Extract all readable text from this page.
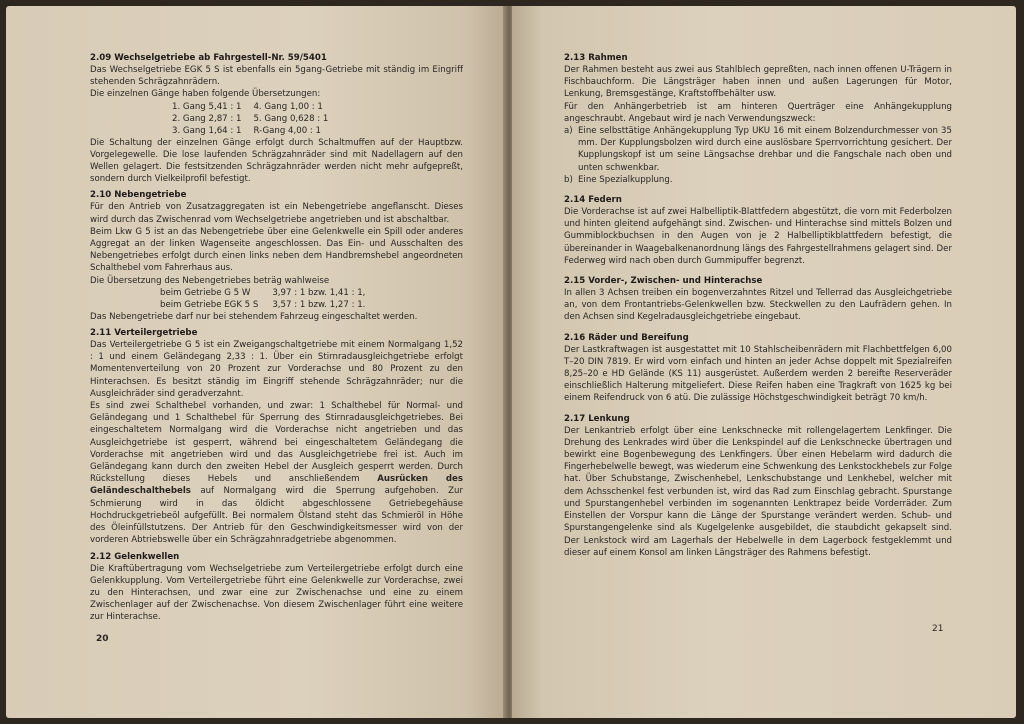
2.09 Wechselgetriebe ab Fahrgestell-Nr. 59/5401

Das Wechselgetriebe EGK 5 S ist ebenfalls ein 5gang-Getriebe mit ständig im Eingriff stehenden Schrägzahnrädern.

Die einzelnen Gänge haben folgende Übersetzungen:

1. Gang 5,41 : 1	4. Gang 1,00 : 1
2. Gang 2,87 : 1	5. Gang 0,628 : 1
3. Gang 1,64 : 1	R-Gang 4,00 : 1

Die Schaltung der einzelnen Gänge erfolgt durch Schaltmuffen auf der Hauptbzw. Vorgelegewelle. Die lose laufenden Schrägzahnräder sind mit Nadellagern auf den Wellen gelagert. Die festsitzenden Schrägzahnräder werden nicht mehr aufgepreßt, sondern durch Vielkeilprofil befestigt.

2.10 Nebengetriebe

Für den Antrieb von Zusatzaggregaten ist ein Nebengetriebe angeflanscht. Dieses wird durch das Zwischenrad vom Wechselgetriebe angetrieben und ist abschaltbar.

Beim Lkw G 5 ist an das Nebengetriebe über eine Gelenkwelle ein Spill oder anderes Aggregat an der linken Wagenseite angeschlossen. Das Ein- und Ausschalten des Nebengetriebes erfolgt durch einen links neben dem Handbremshebel angeordneten Schalthebel vom Fahrerhaus aus.

Die Übersetzung des Nebengetriebes beträg wahlweise

beim Getriebe G 5 W	3,97 : 1 bzw. 1,41 : 1,
beim Getriebe EGK 5 S	3,57 : 1 bzw. 1,27 : 1.

Das Nebengetriebe darf nur bei stehendem Fahrzeug eingeschaltet werden.

2.11 Verteilergetriebe

Das Verteilergetriebe G 5 ist ein Zweigangschaltgetriebe mit einem Normalgang 1,52 : 1 und einem Geländegang 2,33 : 1. Über ein Stirnradausgleichgetriebe erfolgt Momentenverteilung von 20 Prozent zur Vorderachse und 80 Prozent zu den Hinterachsen. Es besitzt ständig im Eingriff stehende Schrägzahnräder; nur die Ausgleichräder sind geradverzahnt.

Es sind zwei Schalthebel vorhanden, und zwar: 1 Schalthebel für Normal- und Geländegang und 1 Schalthebel für Sperrung des Stirnradausgleichgetriebes. Bei eingeschaltetem Normalgang wird die Vorderachse nicht angetrieben und das Ausgleichgetriebe ist gesperrt, während bei eingeschaltetem Geländegang die Vorderachse mit angetrieben wird und das Ausgleichgetriebe frei ist. Auch im Geländegang kann durch den zweiten Hebel der Ausgleich gesperrt werden. Durch Rückstellung dieses Hebels und anschließendem Ausrücken des Geländeschalthebels auf Normalgang wird die Sperrung aufgehoben. Zur Schmierung wird in das öldicht abgeschlossene Getriebegehäuse Hochdruckgetriebeöl aufgefüllt. Bei normalem Ölstand steht das Schmieröl in Höhe des Öleinfüllstutzens. Der Antrieb für den Geschwindigkeitsmesser wird von der vorderen Abtriebswelle über ein Schrägzahnradgetriebe abgenommen.

2.12 Gelenkwellen

Die Kraftübertragung vom Wechselgetriebe zum Verteilergetriebe erfolgt durch eine Gelenkkupplung. Vom Verteilergetriebe führt eine Gelenkwelle zur Vorderachse, zwei zu den Hinterachsen, und zwar eine zur Zwischenachse und eine zu einem Zwischenlager auf der Zwischenachse. Von diesem Zwischenlager führt eine weitere zur Hinterachse.

20

2.13 Rahmen

Der Rahmen besteht aus zwei aus Stahlblech gepreßten, nach innen offenen U-Trägern in Fischbauchform. Die Längsträger haben innen und außen Lagerungen für Motor, Lenkung, Bremsgestänge, Kraftstoffbehälter usw.

Für den Anhängerbetrieb ist am hinteren Querträger eine Anhängekupplung angeschraubt. Angebaut wird je nach Verwendungszweck:

a) Eine selbsttätige Anhängekupplung Typ UKU 16 mit einem Bolzendurchmesser von 35 mm. Der Kupplungsbolzen wird durch eine auslösbare Sperrvorrichtung gesichert. Der Kupplungskopf ist um seine Längsachse drehbar und die Fangschale nach oben und unten schwenkbar.
b) Eine Spezialkupplung.

2.14 Federn

Die Vorderachse ist auf zwei Halbelliptik-Blattfedern abgestützt, die vorn mit Federbolzen und hinten gleitend aufgehängt sind. Zwischen- und Hinterachse sind mittels Bolzen und Gummiblockbuchsen in den Augen von je 2 Halbelliptikblattfedern befestigt, die übereinander in Waagebalkenanordnung längs des Fahrgestellrahmens gelagert sind. Der Federweg wird nach oben durch Gummipuffer begrenzt.

2.15 Vorder-, Zwischen- und Hinterachse

In allen 3 Achsen treiben ein bogenverzahntes Ritzel und Tellerrad das Ausgleichgetriebe an, von dem Frontantriebs-Gelenkwellen bzw. Steckwellen zu den Laufrädern gehen. In den Achsen sind Kegelradausgleichgetriebe eingebaut.

2.16 Räder und Bereifung

Der Lastkraftwagen ist ausgestattet mit 10 Stahlscheibenrädern mit Flachbettfelgen 6,00 T–20 DIN 7819. Er wird vorn einfach und hinten an jeder Achse doppelt mit Spezialreifen 8,25–20 e HD Gelände (KS 11) ausgerüstet. Außerdem werden 2 bereifte Reserveräder einschließlich Halterung mitgeliefert. Diese Reifen haben eine Tragkraft von 1625 kg bei einem Reifendruck von 6 atü. Die zulässige Höchstgeschwindigkeit beträgt 70 km/h.

2.17 Lenkung

Der Lenkantrieb erfolgt über eine Lenkschnecke mit rollengelagertem Lenkfinger. Die Drehung des Lenkrades wird über die Lenkspindel auf die Lenkschnecke übertragen und bewirkt eine Bogenbewegung des Lenkfingers. Über einen Hebelarm wird dadurch die Fingerhebelwelle bewegt, was wiederum eine Schwenkung des Lenkstockhebels zur Folge hat. Über Schubstange, Zwischenhebel, Lenkschubstange und Lenkhebel, welcher mit dem Achsschenkel fest verbunden ist, wird das Rad zum Einschlag gebracht. Spurstange und Spurstangenhebel verbinden im sogenannten Lenktrapez beide Vorderräder. Zum Einstellen der Vorspur kann die Länge der Spurstange verändert werden. Schub- und Spurstangengelenke sind als Kugelgelenke ausgebildet, die staubdicht gekapselt sind. Der Lenkstock wird am Lagerhals der Hebelwelle in dem Lagerbock festgeklemmt und dieser auf einem Konsol am linken Längsträger des Rahmens befestigt.

21
